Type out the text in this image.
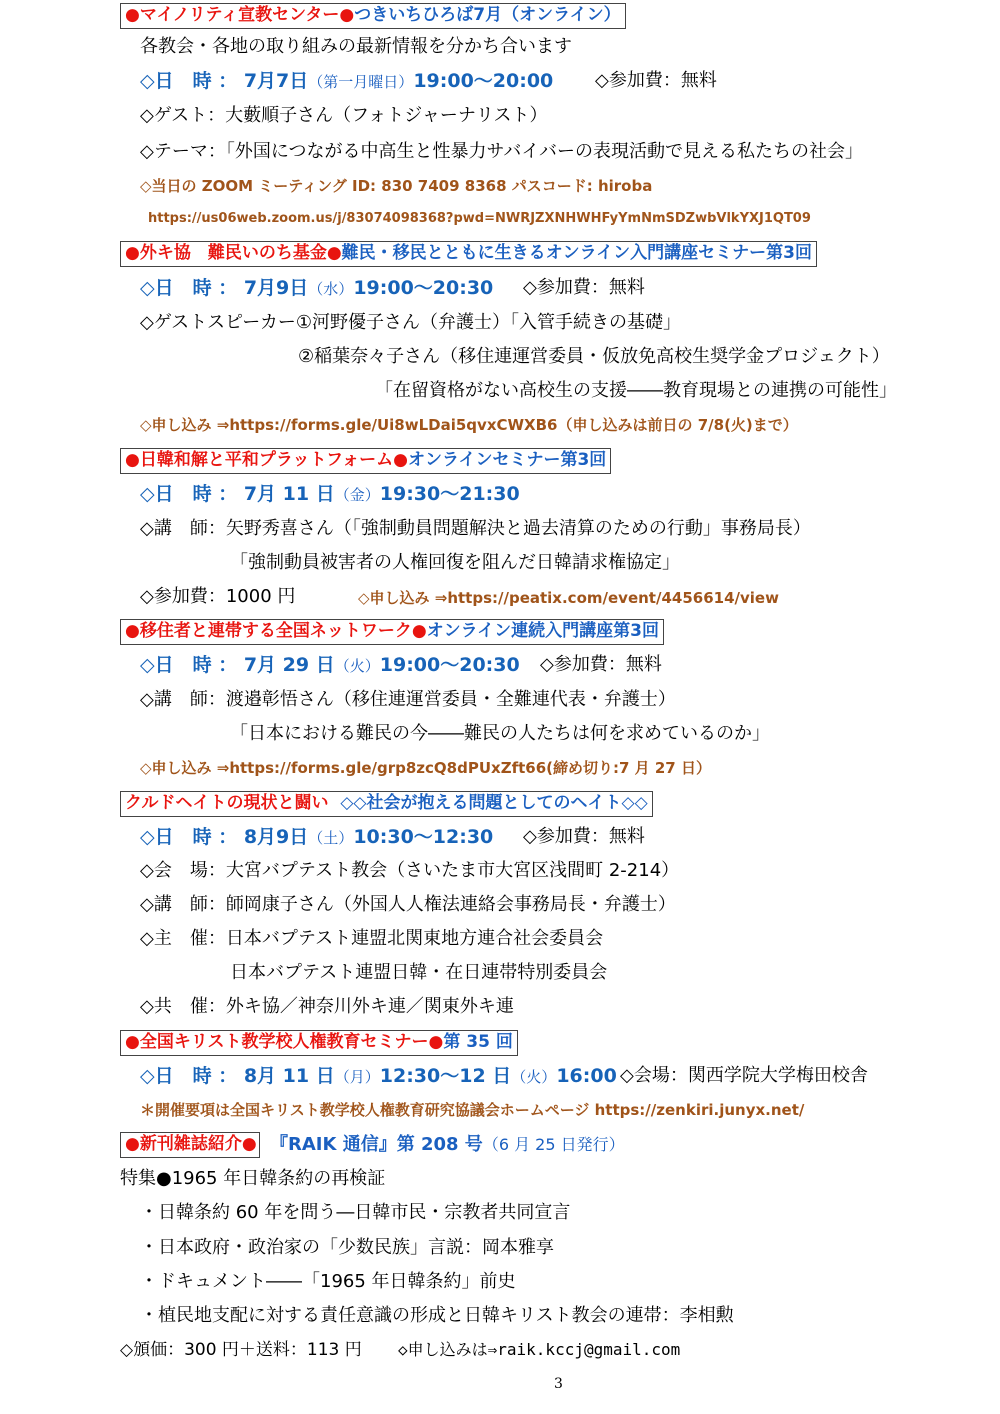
●マイノリティ宣教センター●つきいちひろば7月（オンライン）
各教会・各地の取り組みの最新情報を分かち合います
◇日　時 ： 7月7日（第一月曜日）19:00〜20:00 ◇参加費：無料
◇ゲスト：大藪順子さん（フォトジャーナリスト）
◇テーマ：「外国につながる中高生と性暴力サバイバーの表現活動で見える私たちの社会」
◇当日の ZOOM ミーティング ID: 830 7409 8368 パスコード: hiroba
https://us06web.zoom.us/j/83074098368?pwd=NWRJZXNHWHFyYmNmSDZwbVlkYXJ1QT09
●外キ協　難民いのち基金●難民・移民とともに生きるオンライン入門講座セミナー第3回
◇日　時 ： 7月9日（水）19:00〜20:30 ◇参加費：無料
◇ゲストスピーカー①河野優子さん（弁護士）「入管手続きの基礎」
②稲葉奈々子さん（移住連運営委員・仮放免高校生奨学金プロジェクト）
「在留資格がない高校生の支援――教育現場との連携の可能性」
◇申し込み ⇒https://forms.gle/Ui8wLDai5qvxCWXB6（申し込みは前日の 7/8(火)まで）
●日韓和解と平和プラットフォーム●オンラインセミナー第3回
◇日　時 ： 7月 11 日（金）19:30〜21:30
◇講　師：矢野秀喜さん（「強制動員問題解決と過去清算のための行動」事務局長）
「強制動員被害者の人権回復を阻んだ日韓請求権協定」
◇参加費：1000 円	◇申し込み ⇒https://peatix.com/event/4456614/view
●移住者と連帯する全国ネットワーク●オンライン連続入門講座第3回
◇日　時 ： 7月 29 日（火）19:00〜20:30 ◇参加費：無料
◇講　師：渡邉彰悟さん（移住連運営委員・全難連代表・弁護士）
「日本における難民の今――難民の人たちは何を求めているのか」
◇申し込み ⇒https://forms.gle/grp8zcQ8dPUxZft66(締め切り:7 月 27 日）
クルドヘイトの現状と闘い ◇◇社会が抱える問題としてのヘイト◇◇
◇日　時 ： 8月9日（土）10:30〜12:30 ◇参加費：無料
◇会　場：大宮バプテスト教会（さいたま市大宮区浅間町 2-214）
◇講　師：師岡康子さん（外国人人権法連絡会事務局長・弁護士）
◇主　催：日本バプテスト連盟北関東地方連合社会委員会
日本バプテスト連盟日韓・在日連帯特別委員会
◇共　催：外キ協／神奈川外キ連／関東外キ連
●全国キリスト教学校人権教育セミナー●第 35 回
◇日　時 ： 8月 11 日（月）12:30〜12 日（火）16:00 ◇会場：関西学院大学梅田校舎
＊開催要項は全国キリスト教学校人権教育研究協議会ホームページ https://zenkiri.junyx.net/
●新刊雑誌紹介● 『RAIK 通信』第 208 号（6 月 25 日発行）
特集●1965 年日韓条約の再検証
・日韓条約 60 年を問う―日韓市民・宗教者共同宣言
・日本政府・政治家の「少数民族」言説：岡本雅享
・ドキュメント――「1965 年日韓条約」前史
・植民地支配に対する責任意識の形成と日韓キリスト教会の連帯：李相勲
◇頒価：300 円＋送料：113 円 ◇申し込みは⇒raik.kccj@gmail.com
3
